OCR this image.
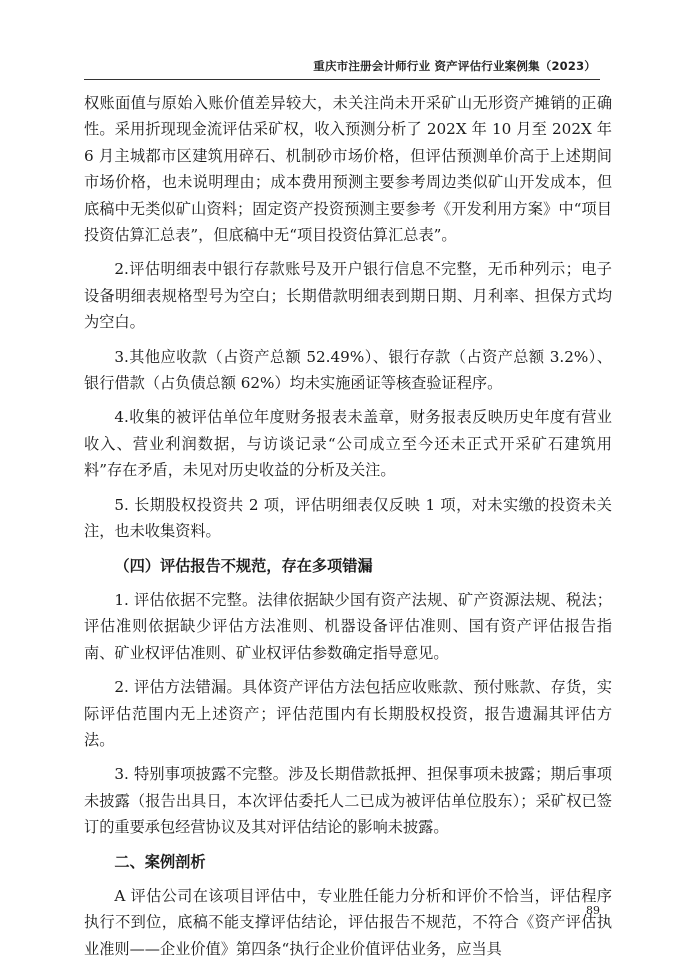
重庆市注册会计师行业 资产评估行业案例集（2023）

权账面值与原始入账价值差异较大，未关注尚未开采矿山无形资产摊销的正确性。采用折现现金流评估采矿权，收入预测分析了 202X 年 10 月至 202X 年 6 月主城都市区建筑用碎石、机制砂市场价格，但评估预测单价高于上述期间市场价格，也未说明理由；成本费用预测主要参考周边类似矿山开发成本，但底稿中无类似矿山资料；固定资产投资预测主要参考《开发利用方案》中“项目投资估算汇总表”，但底稿中无“项目投资估算汇总表”。

2.评估明细表中银行存款账号及开户银行信息不完整，无币种列示；电子设备明细表规格型号为空白；长期借款明细表到期日期、月利率、担保方式均为空白。

3.其他应收款（占资产总额 52.49%）、银行存款（占资产总额 3.2%）、银行借款（占负债总额 62%）均未实施函证等核查验证程序。

4.收集的被评估单位年度财务报表未盖章，财务报表反映历史年度有营业收入、营业利润数据，与访谈记录“公司成立至今还未正式开采矿石建筑用料”存在矛盾，未见对历史收益的分析及关注。

5. 长期股权投资共 2 项，评估明细表仅反映 1 项，对未实缴的投资未关注，也未收集资料。

（四）评估报告不规范，存在多项错漏

1. 评估依据不完整。法律依据缺少国有资产法规、矿产资源法规、税法；评估准则依据缺少评估方法准则、机器设备评估准则、国有资产评估报告指南、矿业权评估准则、矿业权评估参数确定指导意见。

2. 评估方法错漏。具体资产评估方法包括应收账款、预付账款、存货，实际评估范围内无上述资产；评估范围内有长期股权投资，报告遗漏其评估方法。

3. 特别事项披露不完整。涉及长期借款抵押、担保事项未披露；期后事项未披露（报告出具日，本次评估委托人二已成为被评估单位股东）；采矿权已签订的重要承包经营协议及其对评估结论的影响未披露。

二、案例剖析

A 评估公司在该项目评估中，专业胜任能力分析和评价不恰当，评估程序执行不到位，底稿不能支撑评估结论，评估报告不规范，不符合《资产评估执业准则——企业价值》第四条“执行企业价值评估业务，应当具

89
